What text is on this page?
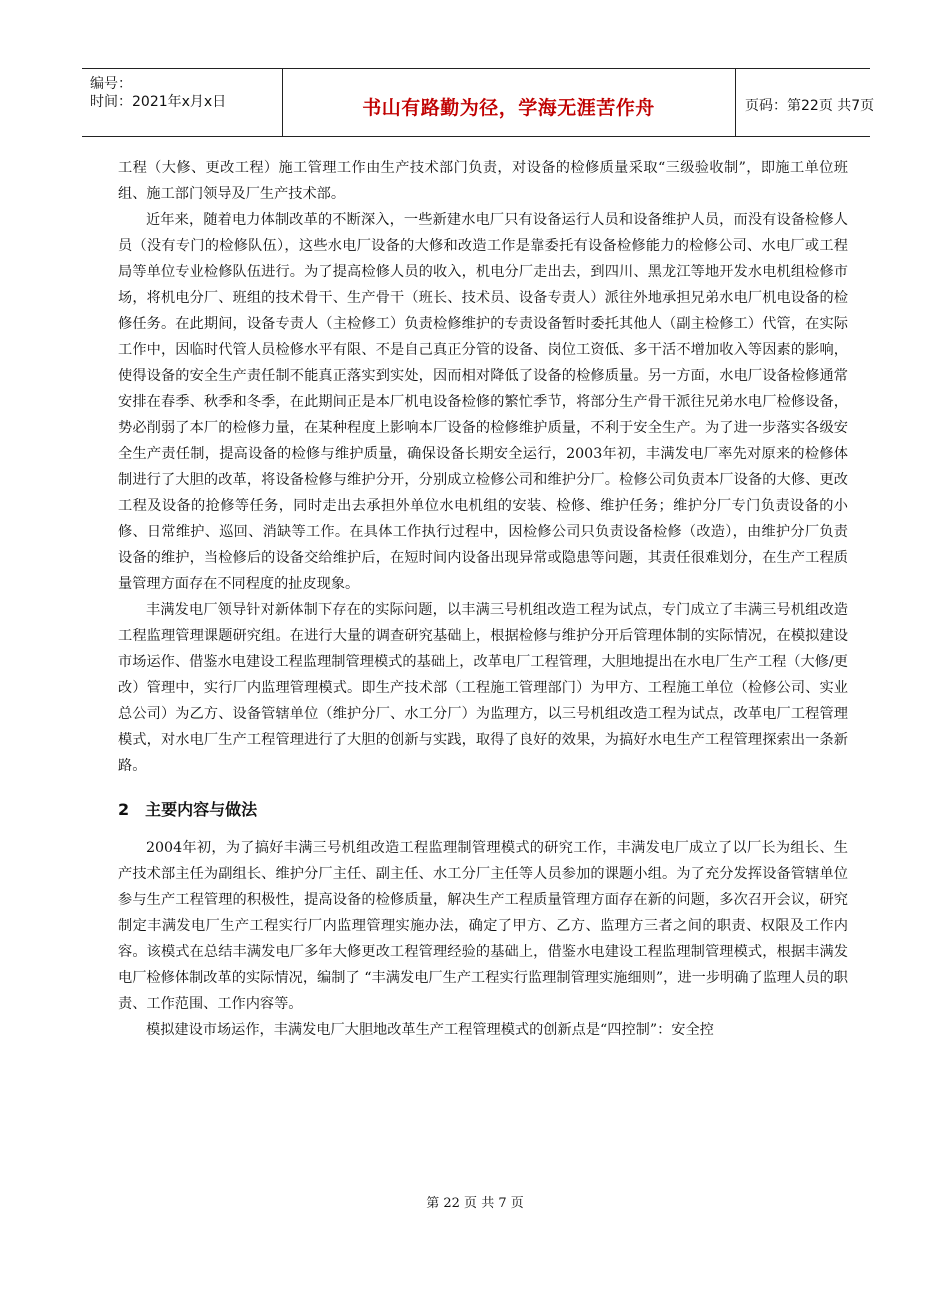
编号：
时间：2021年x月x日	书山有路勤为径，学海无涯苦作舟	页码：第22页 共7页

工程（大修、更改工程）施工管理工作由生产技术部门负责，对设备的检修质量采取“三级验收制”，即施工单位班组、施工部门领导及厂生产技术部。

近年来，随着电力体制改革的不断深入，一些新建水电厂只有设备运行人员和设备维护人员，而没有设备检修人员（没有专门的检修队伍），这些水电厂设备的大修和改造工作是靠委托有设备检修能力的检修公司、水电厂或工程局等单位专业检修队伍进行。为了提高检修人员的收入，机电分厂走出去，到四川、黑龙江等地开发水电机组检修市场，将机电分厂、班组的技术骨干、生产骨干（班长、技术员、设备专责人）派往外地承担兄弟水电厂机电设备的检修任务。在此期间，设备专责人（主检修工）负责检修维护的专责设备暂时委托其他人（副主检修工）代管，在实际工作中，因临时代管人员检修水平有限、不是自己真正分管的设备、岗位工资低、多干活不增加收入等因素的影响，使得设备的安全生产责任制不能真正落实到实处，因而相对降低了设备的检修质量。另一方面，水电厂设备检修通常安排在春季、秋季和冬季，在此期间正是本厂机电设备检修的繁忙季节，将部分生产骨干派往兄弟水电厂检修设备，势必削弱了本厂的检修力量，在某种程度上影响本厂设备的检修维护质量，不利于安全生产。为了进一步落实各级安全生产责任制，提高设备的检修与维护质量，确保设备长期安全运行，2003年初，丰满发电厂率先对原来的检修体制进行了大胆的改革，将设备检修与维护分开，分别成立检修公司和维护分厂。检修公司负责本厂设备的大修、更改工程及设备的抢修等任务，同时走出去承担外单位水电机组的安装、检修、维护任务；维护分厂专门负责设备的小修、日常维护、巡回、消缺等工作。在具体工作执行过程中，因检修公司只负责设备检修（改造），由维护分厂负责设备的维护，当检修后的设备交给维护后，在短时间内设备出现异常或隐患等问题，其责任很难划分，在生产工程质量管理方面存在不同程度的扯皮现象。

丰满发电厂领导针对新体制下存在的实际问题，以丰满三号机组改造工程为试点，专门成立了丰满三号机组改造工程监理管理课题研究组。在进行大量的调查研究基础上，根据检修与维护分开后管理体制的实际情况，在模拟建设市场运作、借鉴水电建设工程监理制管理模式的基础上，改革电厂工程管理，大胆地提出在水电厂生产工程（大修/更改）管理中，实行厂内监理管理模式。即生产技术部（工程施工管理部门）为甲方、工程施工单位（检修公司、实业总公司）为乙方、设备管辖单位（维护分厂、水工分厂）为监理方，以三号机组改造工程为试点，改革电厂工程管理模式，对水电厂生产工程管理进行了大胆的创新与实践，取得了良好的效果，为搞好水电生产工程管理探索出一条新路。

2　主要内容与做法

2004年初，为了搞好丰满三号机组改造工程监理制管理模式的研究工作，丰满发电厂成立了以厂长为组长、生产技术部主任为副组长、维护分厂主任、副主任、水工分厂主任等人员参加的课题小组。为了充分发挥设备管辖单位参与生产工程管理的积极性，提高设备的检修质量，解决生产工程质量管理方面存在新的问题，多次召开会议，研究制定丰满发电厂生产工程实行厂内监理管理实施办法，确定了甲方、乙方、监理方三者之间的职责、权限及工作内容。该模式在总结丰满发电厂多年大修更改工程管理经验的基础上，借鉴水电建设工程监理制管理模式，根据丰满发电厂检修体制改革的实际情况，编制了 “丰满发电厂生产工程实行监理制管理实施细则”，进一步明确了监理人员的职责、工作范围、工作内容等。

模拟建设市场运作，丰满发电厂大胆地改革生产工程管理模式的创新点是“四控制”：安全控

第 22 页 共 7 页
